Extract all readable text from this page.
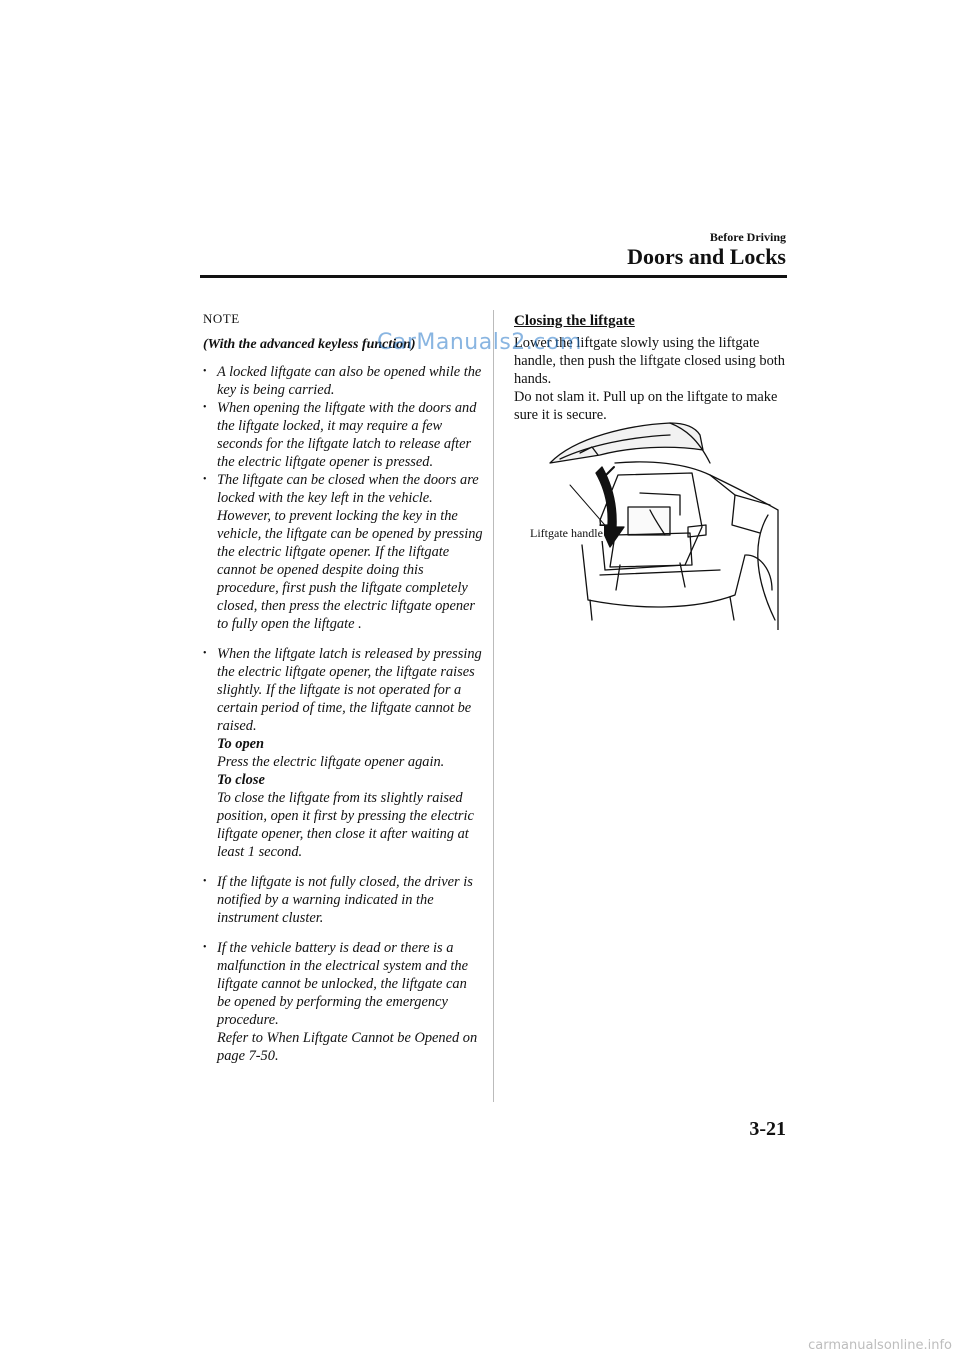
Before Driving
Doors and Locks
NOTE
(With the advanced keyless function)
• A locked liftgate can also be opened while the key is being carried.
• When opening the liftgate with the doors and the liftgate locked, it may require a few seconds for the liftgate latch to release after the electric liftgate opener is pressed.
• The liftgate can be closed when the doors are locked with the key left in the vehicle. However, to prevent locking the key in the vehicle, the liftgate can be opened by pressing the electric liftgate opener. If the liftgate cannot be opened despite doing this procedure, first push the liftgate completely closed, then press the electric liftgate opener to fully open the liftgate .

• When the liftgate latch is released by pressing the electric liftgate opener, the liftgate raises slightly. If the liftgate is not operated for a certain period of time, the liftgate cannot be raised.

To open

Press the electric liftgate opener again.

To close

To close the liftgate from its slightly raised position, open it first by pressing the electric liftgate opener, then close it after waiting at least 1 second.

• If the liftgate is not fully closed, the driver is notified by a warning indicated in the instrument cluster.

• If the vehicle battery is dead or there is a malfunction in the electrical system and the liftgate cannot be unlocked, the liftgate can be opened by performing the emergency procedure.

Refer to When Liftgate Cannot be Opened on page 7-50.

Closing the liftgate

Lower the liftgate slowly using the liftgate handle, then push the liftgate closed using both hands.

Do not slam it. Pull up on the liftgate to make sure it is secure.

Liftgate handle
CarManuals2.com
3-21
carmanualsonline.info
